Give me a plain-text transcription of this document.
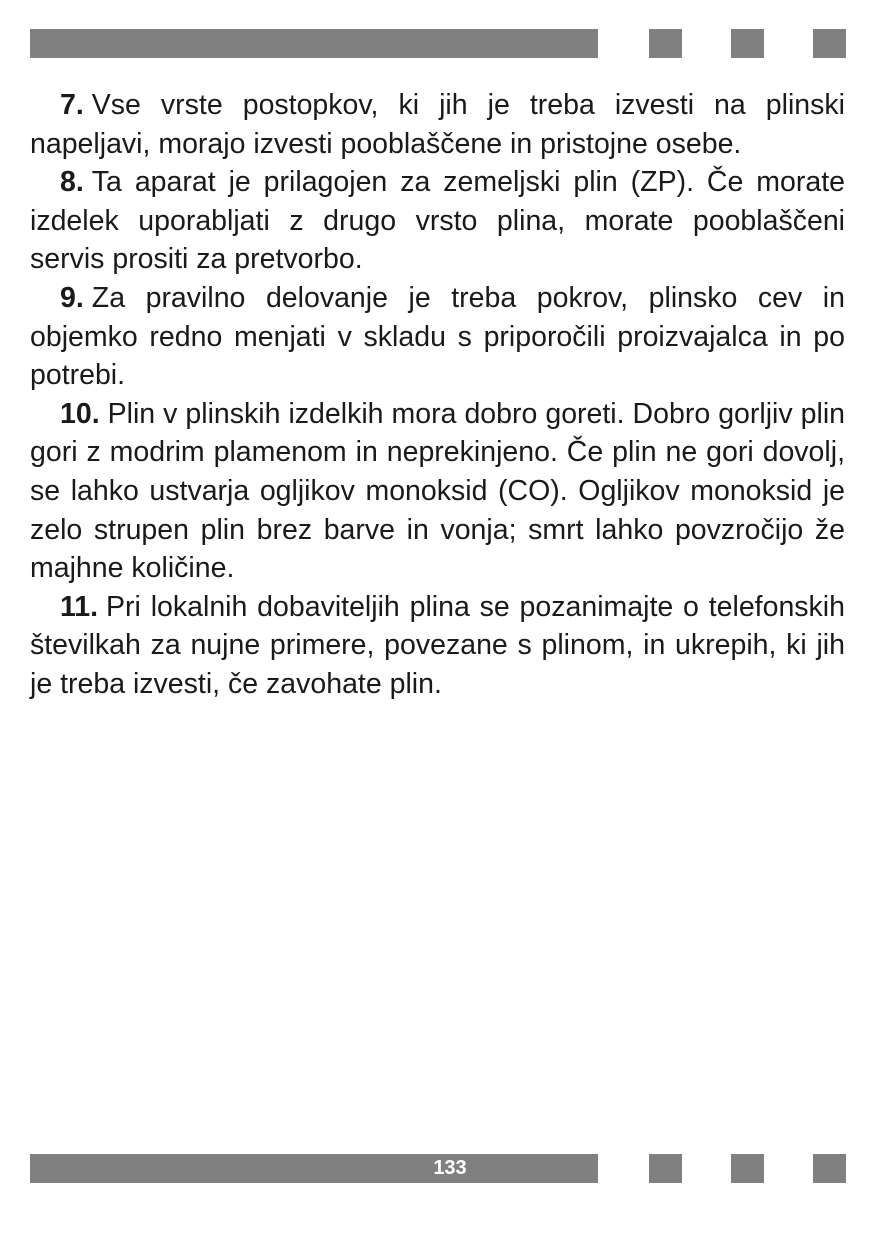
7. Vse vrste postopkov, ki jih je treba izvesti na plinski napeljavi, morajo izvesti pooblaščene in pristojne osebe.

8. Ta aparat je prilagojen za zemeljski plin (ZP). Če morate izdelek uporabljati z drugo vrsto plina, morate pooblaščeni servis prositi za pretvorbo.

9. Za pravilno delovanje je treba pokrov, plinsko cev in objemko redno menjati v skladu s priporočili proizvajalca in po potrebi.

10. Plin v plinskih izdelkih mora dobro goreti. Dobro gorljiv plin gori z modrim plamenom in neprekinjeno. Če plin ne gori dovolj, se lahko ustvarja ogljikov monoksid (CO). Ogljikov monoksid je zelo strupen plin brez barve in vonja; smrt lahko povzročijo že majhne količine.

11. Pri lokalnih dobaviteljih plina se pozanimajte o telefonskih številkah za nujne primere, povezane s plinom, in ukrepih, ki jih je treba izvesti, če zavohate plin.

133
